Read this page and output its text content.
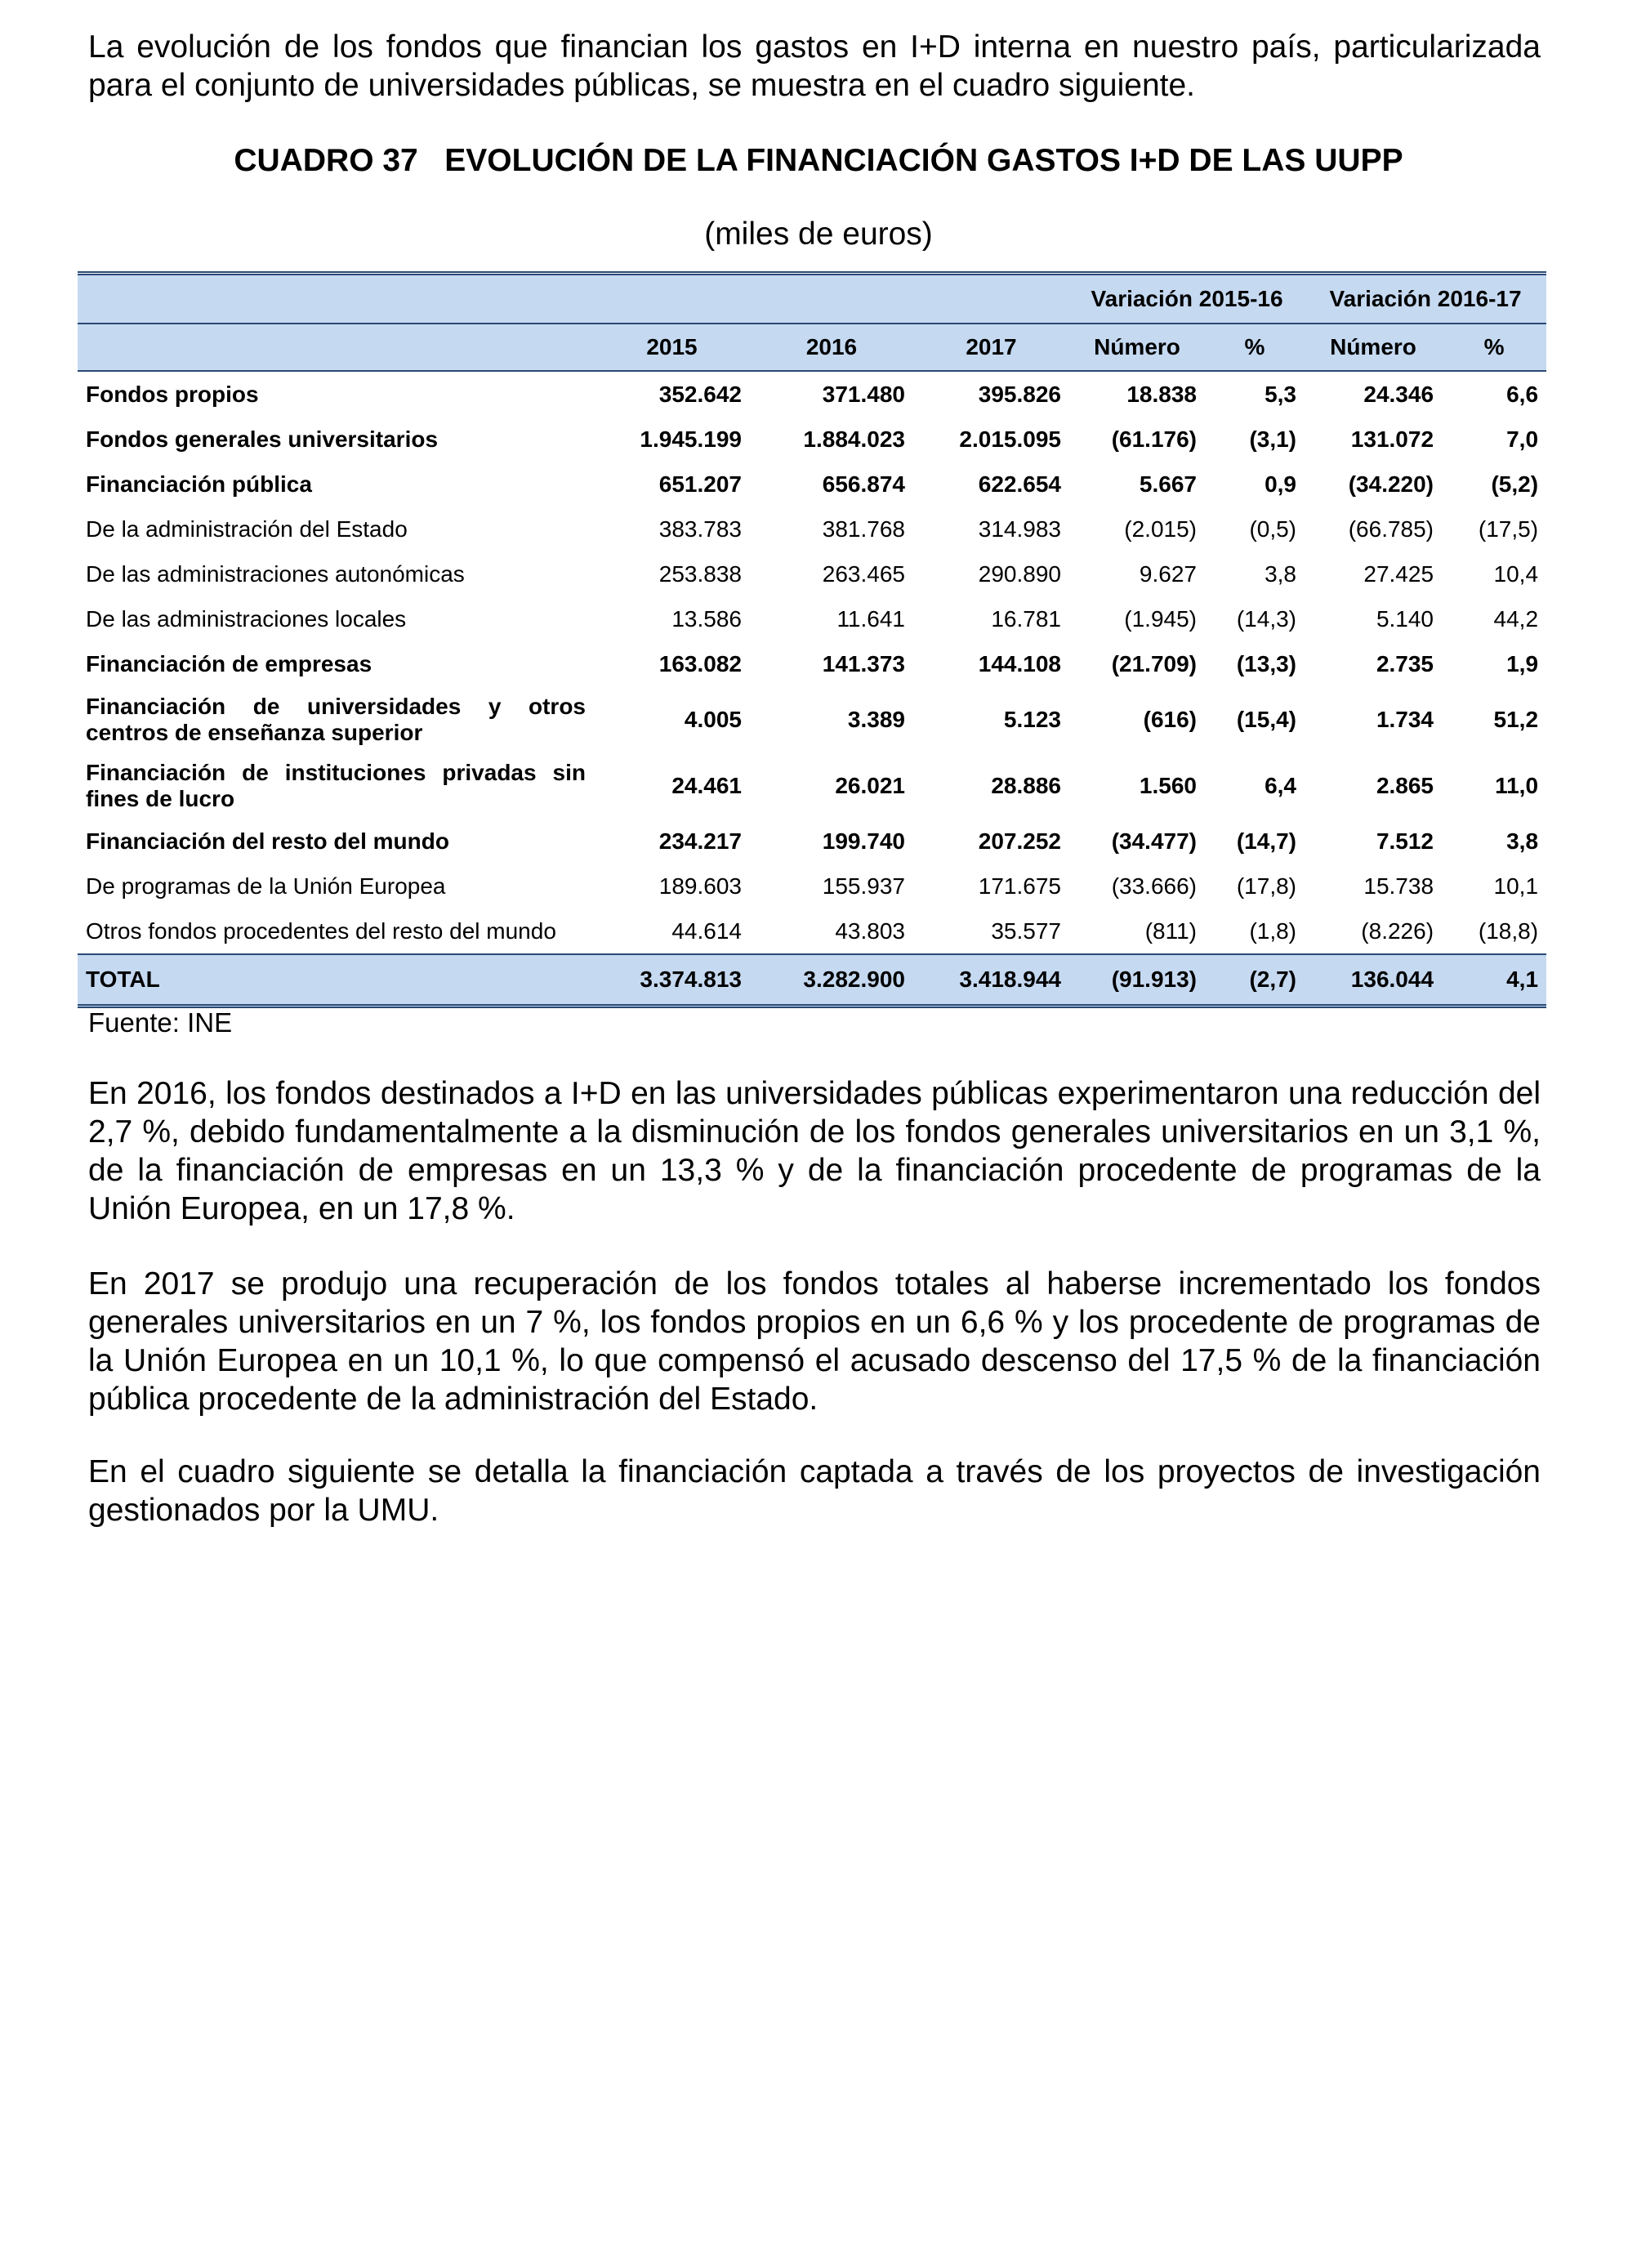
La evolución de los fondos que financian los gastos en I+D interna en nuestro país, particularizada para el conjunto de universidades públicas, se muestra en el cuadro siguiente.

CUADRO 37   EVOLUCIÓN DE LA FINANCIACIÓN GASTOS I+D DE LAS UUPP
(miles de euros)
				Variación 2015-16		Variación 2016-17	
	2015	2016	2017	Número	%	Número	%
Fondos propios	352.642	371.480	395.826	18.838	5,3	24.346	6,6
Fondos generales universitarios	1.945.199	1.884.023	2.015.095	(61.176)	(3,1)	131.072	7,0
Financiación pública	651.207	656.874	622.654	5.667	0,9	(34.220)	(5,2)
De la administración del Estado	383.783	381.768	314.983	(2.015)	(0,5)	(66.785)	(17,5)
De las administraciones autonómicas	253.838	263.465	290.890	9.627	3,8	27.425	10,4
De las administraciones locales	13.586	11.641	16.781	(1.945)	(14,3)	5.140	44,2
Financiación de empresas	163.082	141.373	144.108	(21.709)	(13,3)	2.735	1,9
Financiación de universidades y otros centros de enseñanza superior	4.005	3.389	5.123	(616)	(15,4)	1.734	51,2
Financiación de instituciones privadas sin fines de lucro	24.461	26.021	28.886	1.560	6,4	2.865	11,0
Financiación del resto del mundo	234.217	199.740	207.252	(34.477)	(14,7)	7.512	3,8
De programas de la Unión Europea	189.603	155.937	171.675	(33.666)	(17,8)	15.738	10,1
Otros fondos procedentes del resto del mundo	44.614	43.803	35.577	(811)	(1,8)	(8.226)	(18,8)
TOTAL	3.374.813	3.282.900	3.418.944	(91.913)	(2,7)	136.044	4,1
Fuente: INE

En 2016, los fondos destinados a I+D en las universidades públicas experimentaron una reducción del 2,7 %, debido fundamentalmente a la disminución de los fondos generales universitarios en un 3,1 %, de la financiación de empresas en un 13,3 % y de la financiación procedente de programas de la Unión Europea, en un 17,8 %.

En 2017 se produjo una recuperación de los fondos totales al haberse incrementado los fondos generales universitarios en un 7 %, los fondos propios en un 6,6 % y los procedente de programas de la Unión Europea en un 10,1 %, lo que compensó el acusado descenso del 17,5 % de la financiación pública procedente de la administración del Estado.

En el cuadro siguiente se detalla la financiación captada a través de los proyectos de investigación gestionados por la UMU.
